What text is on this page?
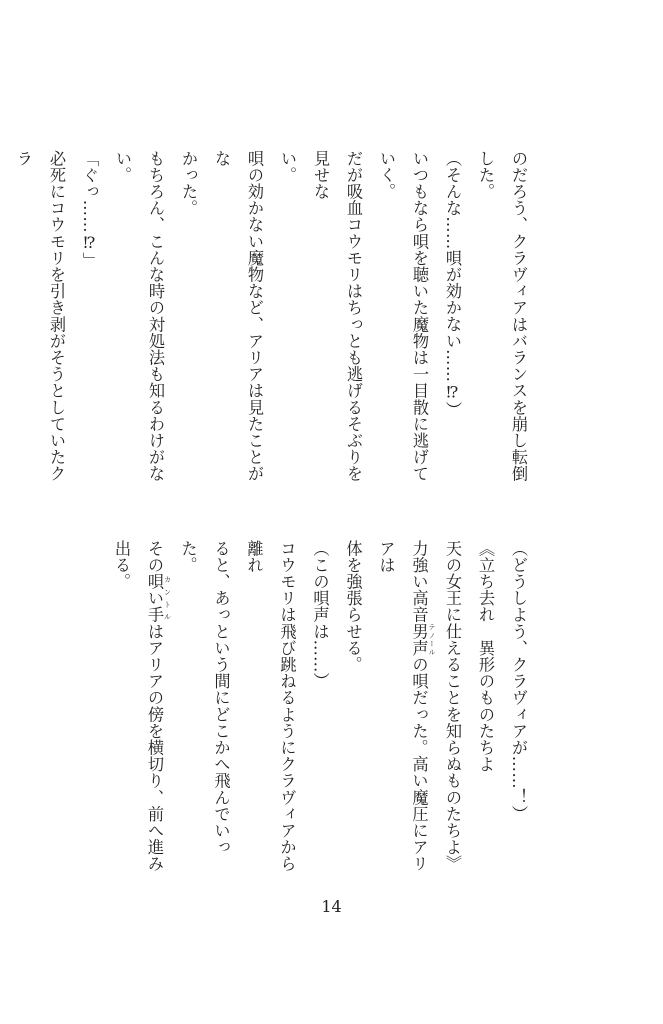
のだろう、クラヴィアはバランスを崩し転倒した。
（そんな……唄が効かない……⁉）
いつもなら唄を聴いた魔物は一目散に逃げていく。
だが吸血コウモリはちっとも逃げるそぶりを見せな
い。
唄の効かない魔物など、アリアは見たことがな
かった。
もちろん、こんな時の対処法も知るわけがない。
「ぐっ……⁉」
必死にコウモリを引き剥がそうとしていたクラ
（どうしよう、クラヴィアが……！）
《立ち去れ　異形のものたちよ
天の女王に仕えることを知らぬものたちよ》
力強い高音男声 テノールの唄だった。高い魔圧にアリアは
体を強張らせる。
（この唄声は……）
コウモリは飛び跳ねるようにクラヴィアから離れ
ると、あっという間にどこかへ飛んでいった。
その唄い手 カントルはアリアの傍を横切り、前へ進み出る。
14
